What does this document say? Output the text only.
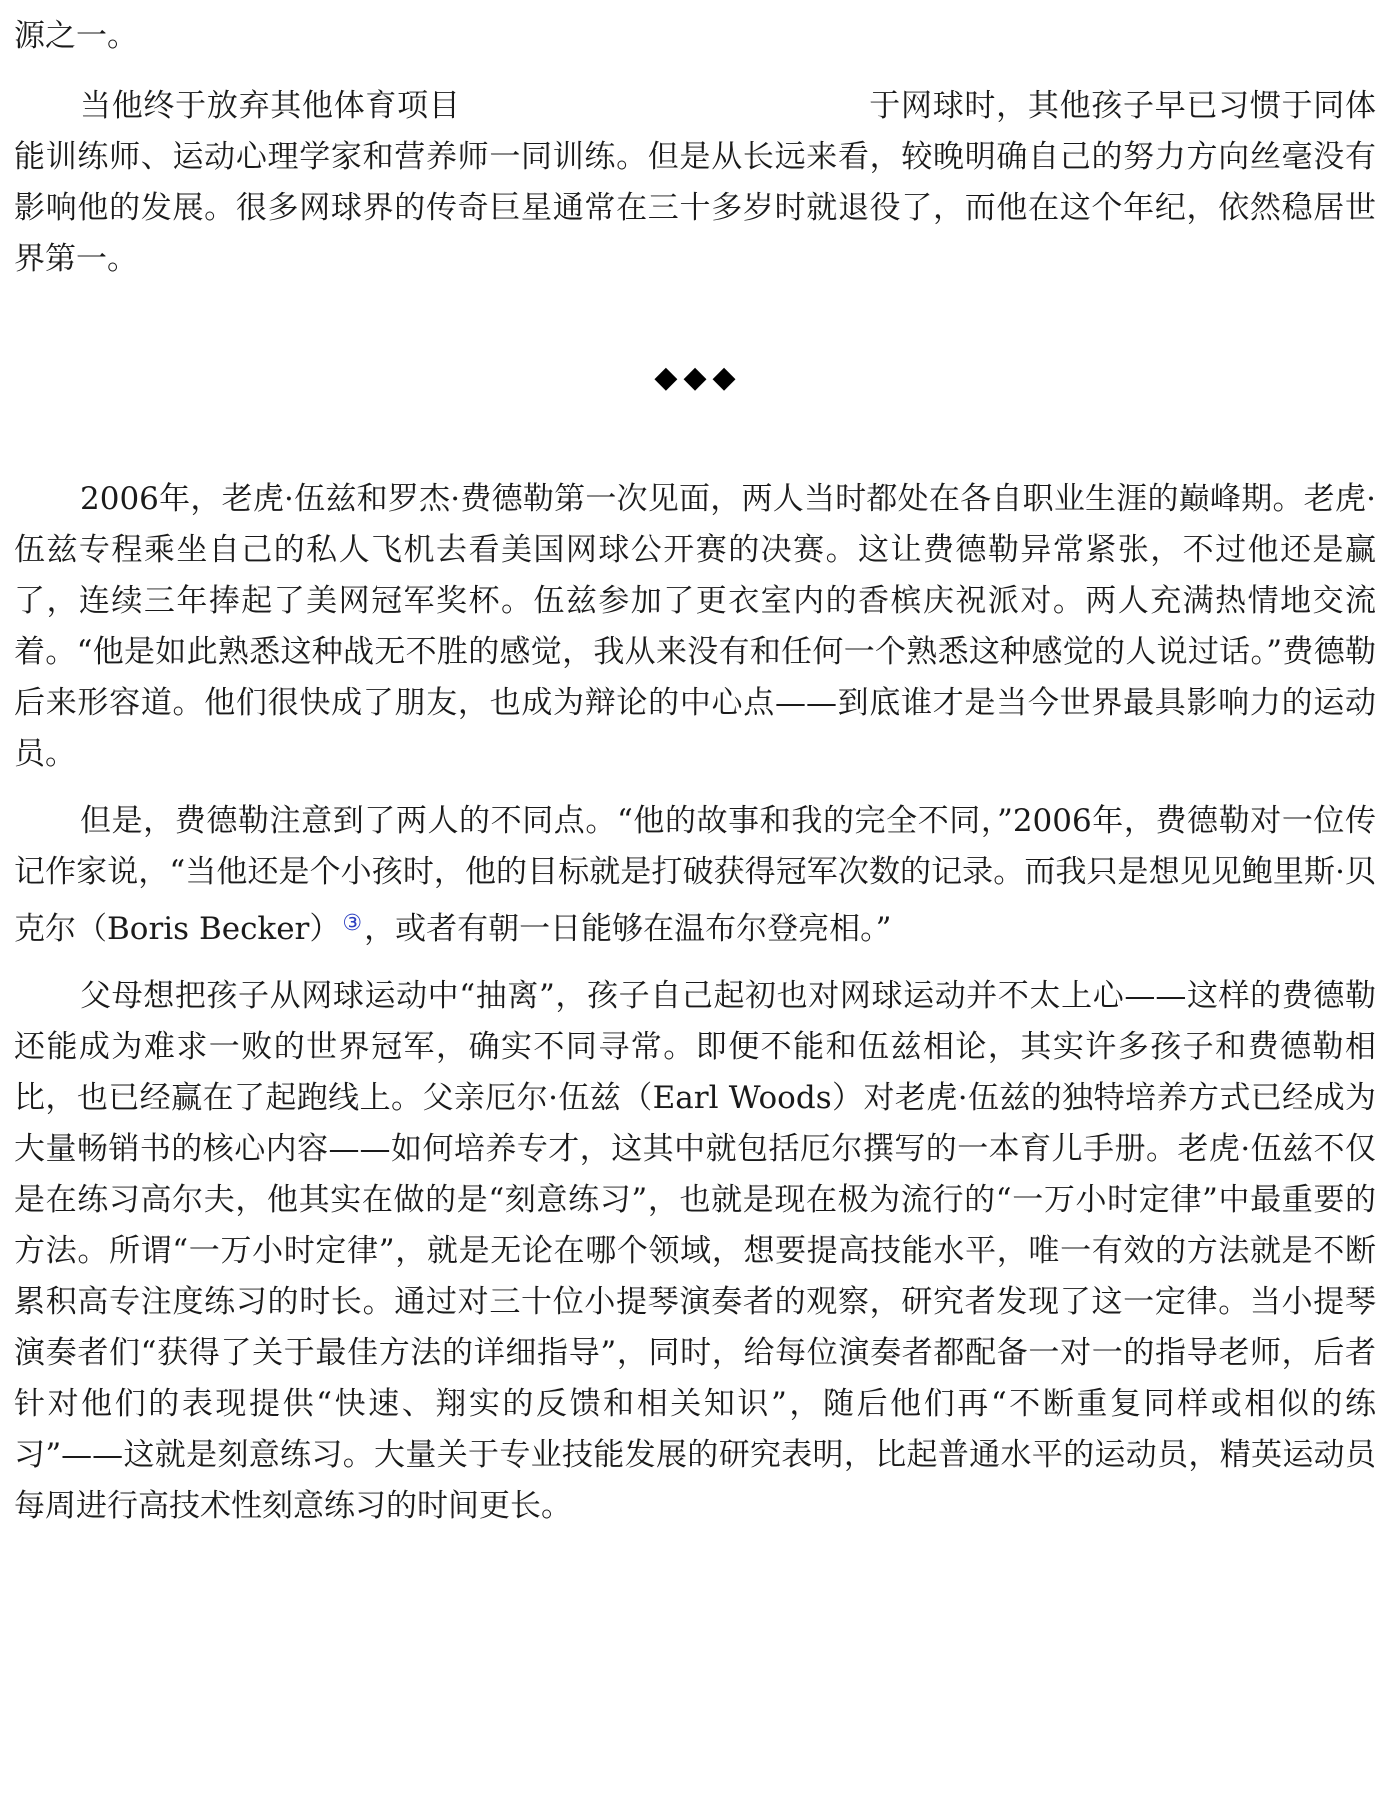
源之一。

当他终于放弃其他体育项目	于网球时，其他孩子早已习惯于同体能训练师、运动心理学家和营养师一同训练。但是从长远来看，较晚明确自己的努力方向丝毫没有影响他的发展。很多网球界的传奇巨星通常在三十多岁时就退役了，而他在这个年纪，依然稳居世界第一。

◆◆◆

2006年，老虎·伍兹和罗杰·费德勒第一次见面，两人当时都处在各自职业生涯的巅峰期。老虎·伍兹专程乘坐自己的私人飞机去看美国网球公开赛的决赛。这让费德勒异常紧张，不过他还是赢了，连续三年捧起了美网冠军奖杯。伍兹参加了更衣室内的香槟庆祝派对。两人充满热情地交流着。“他是如此熟悉这种战无不胜的感觉，我从来没有和任何一个熟悉这种感觉的人说过话。”费德勒后来形容道。他们很快成了朋友，也成为辩论的中心点——到底谁才是当今世界最具影响力的运动员。

但是，费德勒注意到了两人的不同点。“他的故事和我的完全不同，”2006年，费德勒对一位传记作家说，“当他还是个小孩时，他的目标就是打破获得冠军次数的记录。而我只是想见见鲍里斯·贝克尔（Boris Becker）③，或者有朝一日能够在温布尔登亮相。”

父母想把孩子从网球运动中“抽离”，孩子自己起初也对网球运动并不太上心——这样的费德勒还能成为难求一败的世界冠军，确实不同寻常。即便不能和伍兹相论，其实许多孩子和费德勒相比，也已经赢在了起跑线上。父亲厄尔·伍兹（Earl Woods）对老虎·伍兹的独特培养方式已经成为大量畅销书的核心内容——如何培养专才，这其中就包括厄尔撰写的一本育儿手册。老虎·伍兹不仅是在练习高尔夫，他其实在做的是“刻意练习”，也就是现在极为流行的“一万小时定律”中最重要的方法。所谓“一万小时定律”，就是无论在哪个领域，想要提高技能水平，唯一有效的方法就是不断累积高专注度练习的时长。通过对三十位小提琴演奏者的观察，研究者发现了这一定律。当小提琴演奏者们“获得了关于最佳方法的详细指导”，同时，给每位演奏者都配备一对一的指导老师，后者针对他们的表现提供“快速、翔实的反馈和相关知识”，随后他们再“不断重复同样或相似的练习”——这就是刻意练习。大量关于专业技能发展的研究表明，比起普通水平的运动员，精英运动员每周进行高技术性刻意练习的时间更长。
